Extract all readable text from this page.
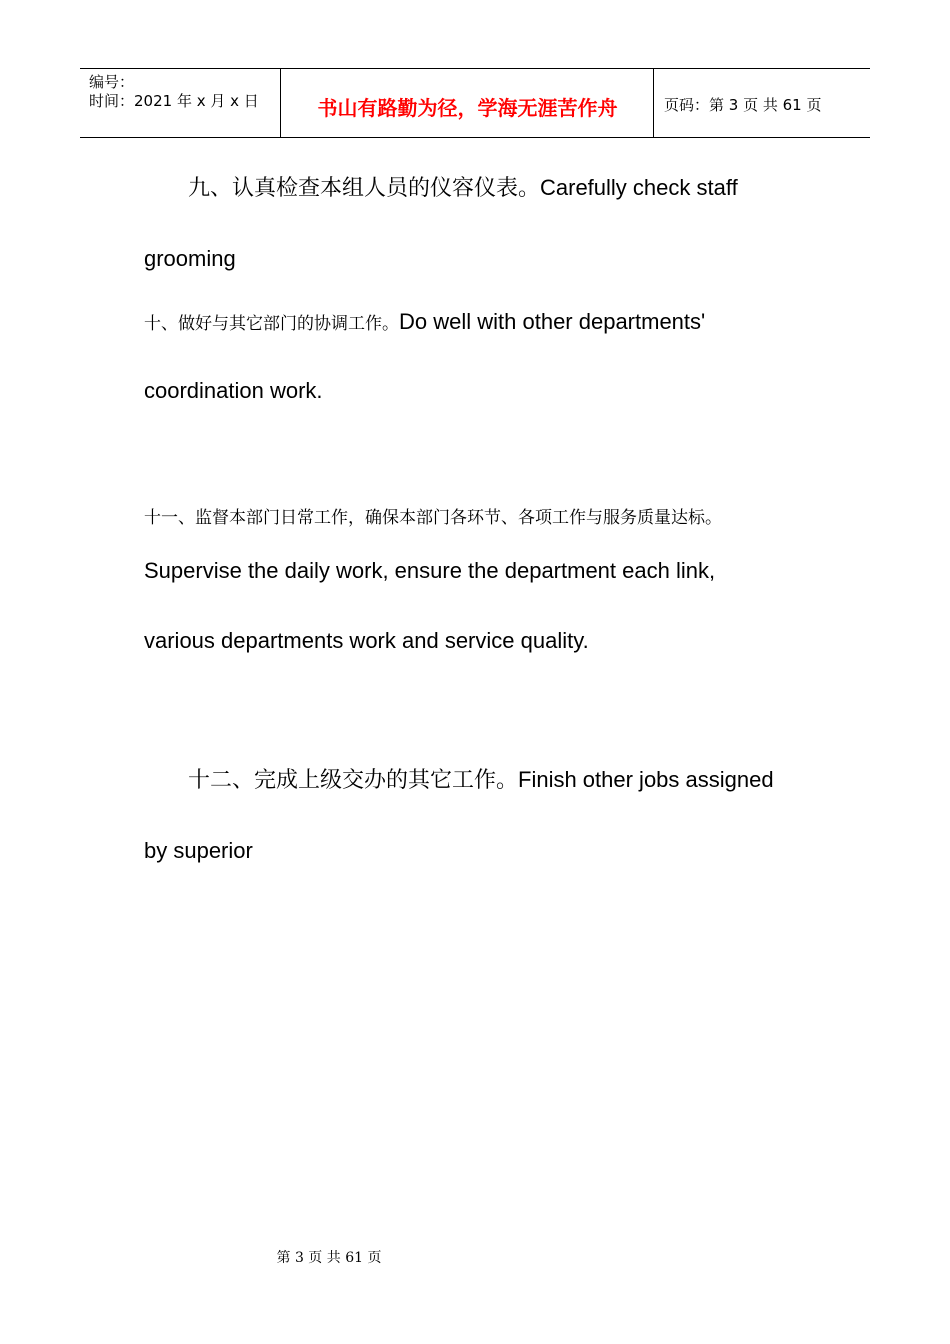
编号：
时间：2021 年 x 月 x 日	书山有路勤为径，学海无涯苦作舟	页码：第 3 页 共 61 页
九、认真检查本组人员的仪容仪表。Carefully check staff
grooming
十、做好与其它部门的协调工作。Do well with other departments'
coordination work.
十一、监督本部门日常工作，确保本部门各环节、各项工作与服务质量达标。
Supervise the daily work, ensure the department each link,
various departments work and service quality.
十二、完成上级交办的其它工作。Finish other jobs assigned
by superior
第 3 页 共 61 页
